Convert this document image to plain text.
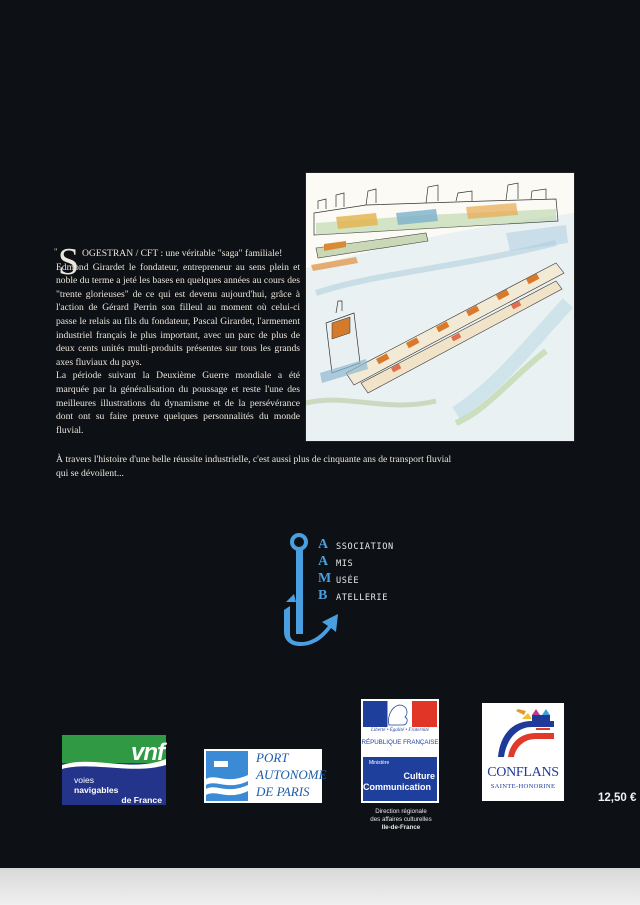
" S OGESTRAN / CFT : une véritable "saga" familiale!

Edmond Girardet le fondateur, entrepreneur au sens plein et noble du terme a jeté les bases en quelques années au cours des "trente glorieuses" de ce qui est devenu aujourd'hui, grâce à l'action de Gérard Perrin son filleul au moment où celui-ci passe le relais au fils du fondateur, Pascal Girardet, l'armement industriel français le plus important, avec un parc de plus de deux cents unités multi-produits présentes sur tous les grands axes fluviaux du pays.

La période suivant la Deuxième Guerre mondiale a été marquée par la généralisation du poussage et reste l'une des meilleures illustrations du dynamisme et de la persévérance dont ont su faire preuve quelques personnalités du monde fluvial.

À travers l'histoire d'une belle réussite industrielle, c'est aussi plus de cinquante ans de transport fluvial

qui se dévoilent...

A
A
M
B
SSOCIATION
MIS
USÉE
ATELLERIE
vnf
voies
navigables
de France
PORT
AUTONOME
DE PARIS
Liberté • Égalité • Fraternité
RÉPUBLIQUE FRANÇAISE
Ministère
Culture
Communication
Direction régionale
des affaires culturelles
Ile-de-France
CONFLANS
SAINTE-HONORINE
12,50 €
